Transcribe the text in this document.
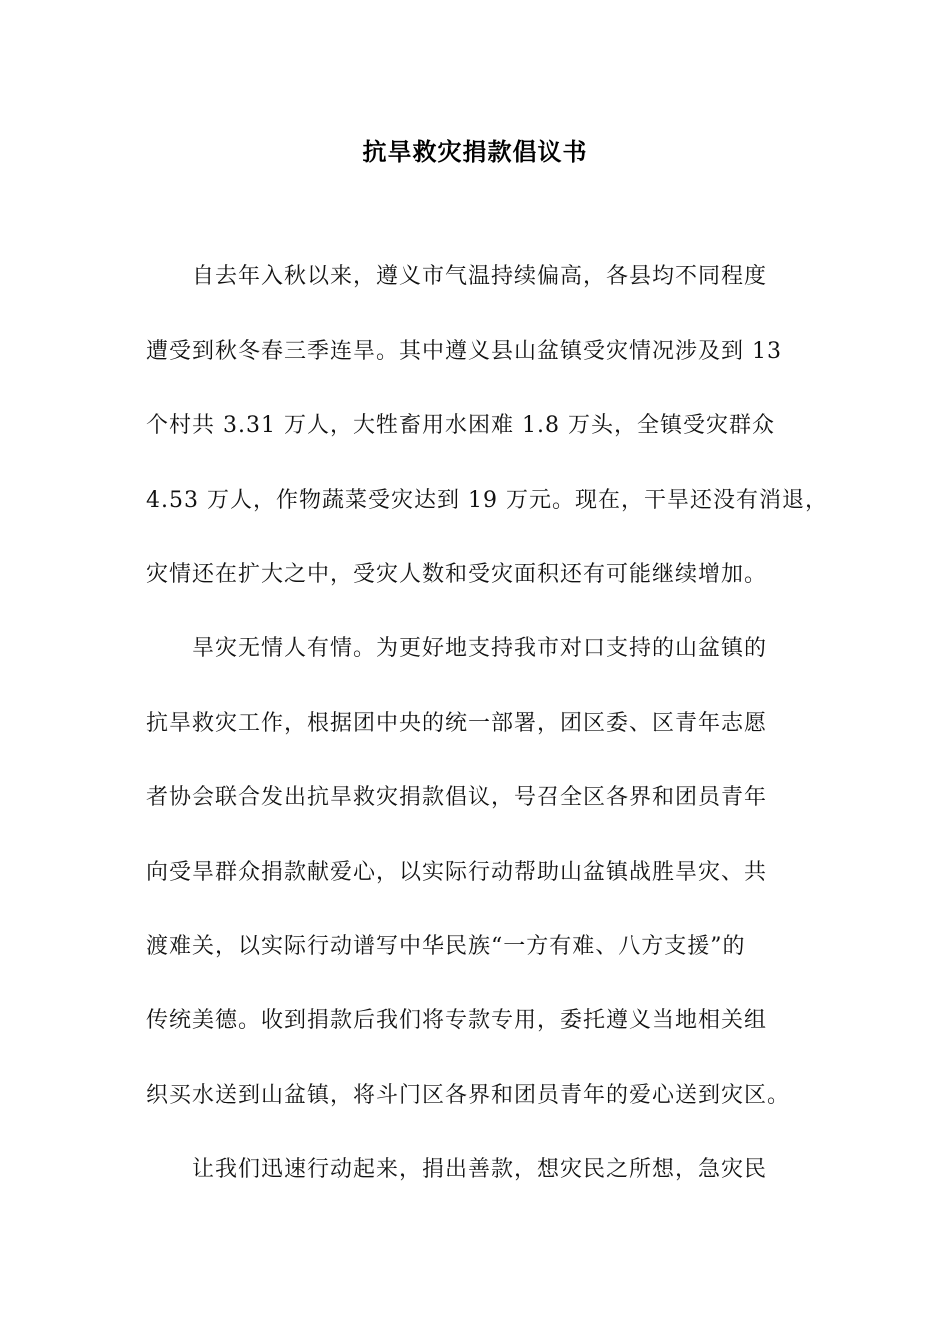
抗旱救灾捐款倡议书
自去年入秋以来，遵义市气温持续偏高，各县均不同程度
遭受到秋冬春三季连旱。其中遵义县山盆镇受灾情况涉及到 13
个村共 3.31 万人，大牲畜用水困难 1.8 万头，全镇受灾群众
4.53 万人，作物蔬菜受灾达到 19 万元。现在，干旱还没有消退，
灾情还在扩大之中，受灾人数和受灾面积还有可能继续增加。
旱灾无情人有情。为更好地支持我市对口支持的山盆镇的
抗旱救灾工作，根据团中央的统一部署，团区委、区青年志愿
者协会联合发出抗旱救灾捐款倡议，号召全区各界和团员青年
向受旱群众捐款献爱心，以实际行动帮助山盆镇战胜旱灾、共
渡难关，以实际行动谱写中华民族“一方有难、八方支援”的
传统美德。收到捐款后我们将专款专用，委托遵义当地相关组
织买水送到山盆镇，将斗门区各界和团员青年的爱心送到灾区。
让我们迅速行动起来，捐出善款，想灾民之所想，急灾民
